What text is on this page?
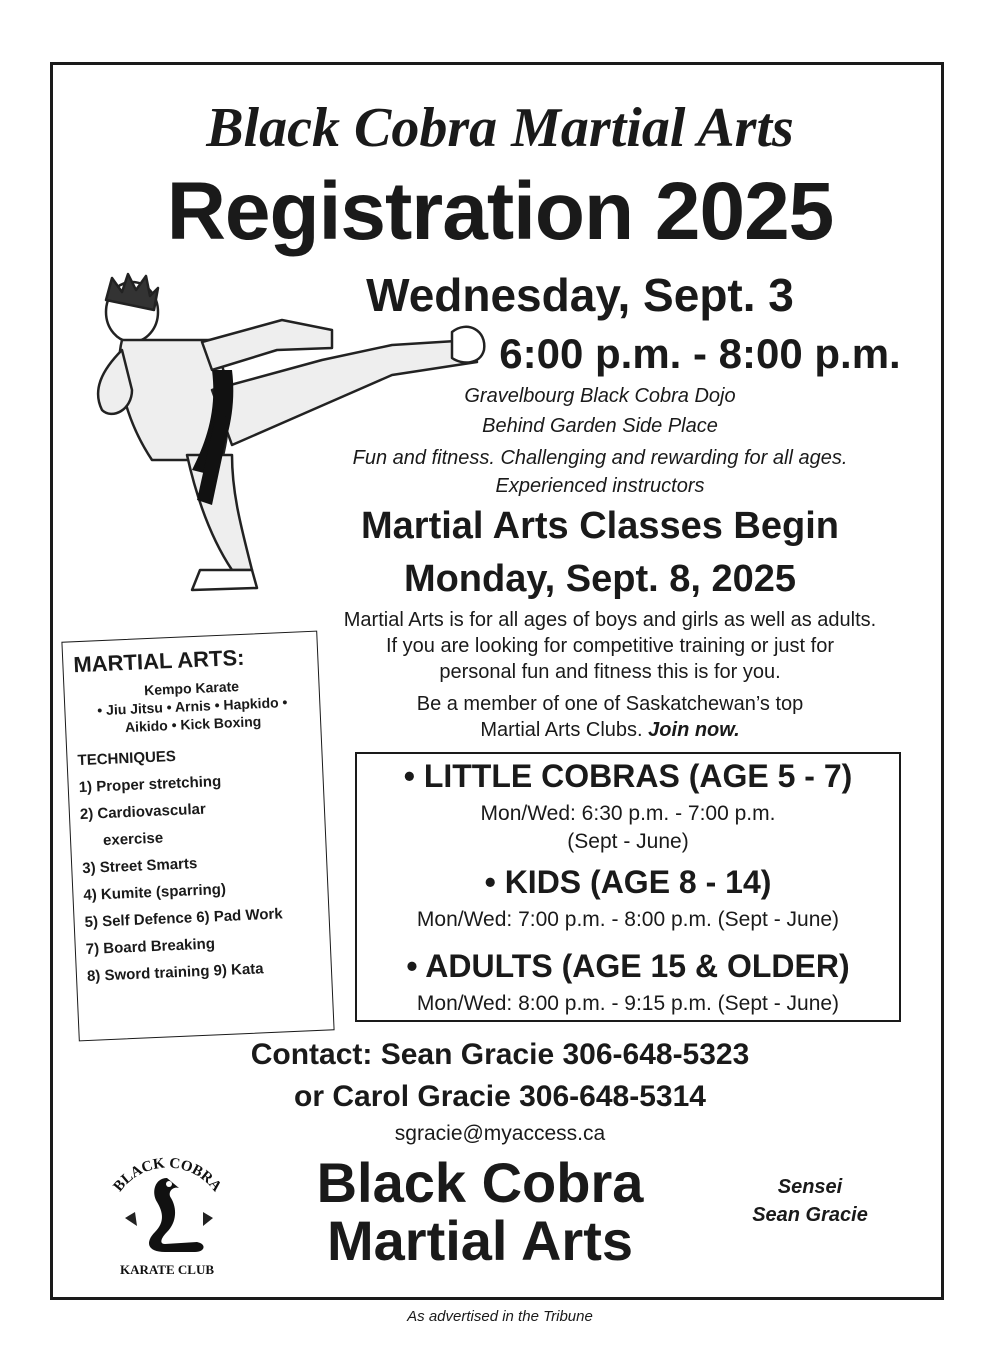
Black Cobra Martial Arts
Registration 2025
Wednesday, Sept. 3
6:00 p.m. - 8:00 p.m.
Gravelbourg Black Cobra Dojo
Behind Garden Side Place
Fun and fitness. Challenging and rewarding for all ages.
Experienced instructors
Martial Arts Classes Begin
Monday, Sept. 8, 2025
Martial Arts is for all ages of boys and girls as well as adults.
If you are looking for competitive training or just for
personal fun and fitness this is for you.
Be a member of one of Saskatchewan’s top
Martial Arts Clubs. Join now.
• LITTLE COBRAS (AGE 5 - 7)
Mon/Wed: 6:30 p.m. - 7:00 p.m.
(Sept - June)
• KIDS (AGE 8 - 14)
Mon/Wed: 7:00 p.m. - 8:00 p.m. (Sept - June)
• ADULTS (AGE 15 & OLDER)
Mon/Wed: 8:00 p.m. - 9:15 p.m. (Sept - June)
MARTIAL ARTS:
Kempo Karate
• Jiu Jitsu • Arnis • Hapkido •
Aikido • Kick Boxing
TECHNIQUES
1) Proper stretching
2) Cardiovascular
exercise
3) Street Smarts
4) Kumite (sparring)
5) Self Defence 6) Pad Work
7) Board Breaking
8) Sword training 9) Kata
Contact: Sean Gracie 306-648-5323
or Carol Gracie 306-648-5314
sgracie@myaccess.ca
BLACK COBRA
KARATE CLUB
Black Cobra
Martial Arts
Sensei
Sean Gracie
As advertised in the Tribune
